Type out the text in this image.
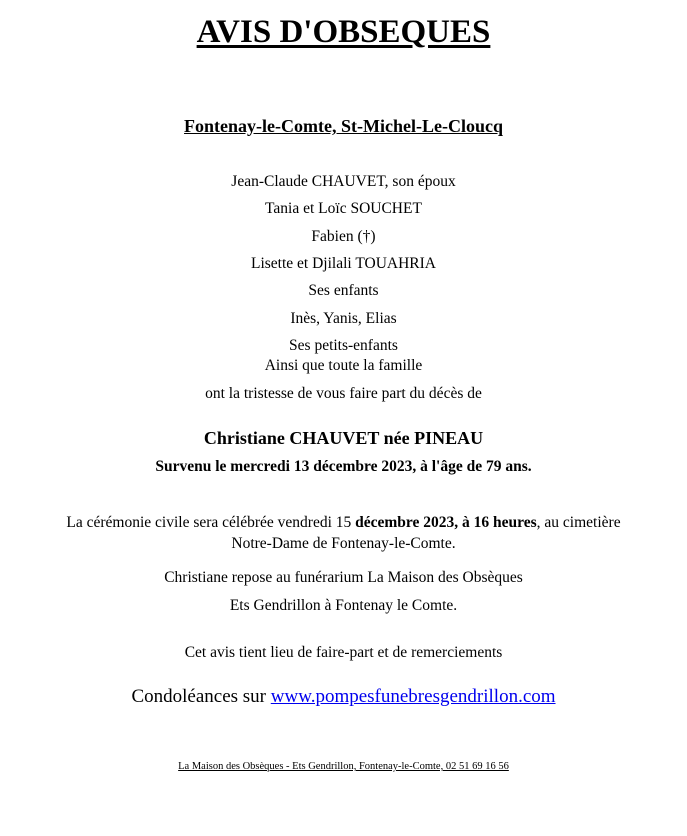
AVIS D'OBSEQUES
Fontenay-le-Comte, St-Michel-Le-Cloucq
Jean-Claude CHAUVET, son époux
Tania et Loïc SOUCHET
Fabien (†)
Lisette et Djilali TOUAHRIA
Ses enfants
Inès, Yanis, Elias
Ses petits-enfants
Ainsi que toute la famille
ont la tristesse de vous faire part du décès de
Christiane CHAUVET née PINEAU
Survenu le mercredi 13 décembre 2023, à l'âge de 79 ans.
La cérémonie civile sera célébrée vendredi 15 décembre 2023, à 16 heures, au cimetière
Notre-Dame de Fontenay-le-Comte.
Christiane repose au funérarium La Maison des Obsèques
Ets Gendrillon à Fontenay le Comte.
Cet avis tient lieu de faire-part et de remerciements
Condoléances sur www.pompesfunebresgendrillon.com
La Maison des Obsèques - Ets Gendrillon, Fontenay-le-Comte, 02 51 69 16 56
